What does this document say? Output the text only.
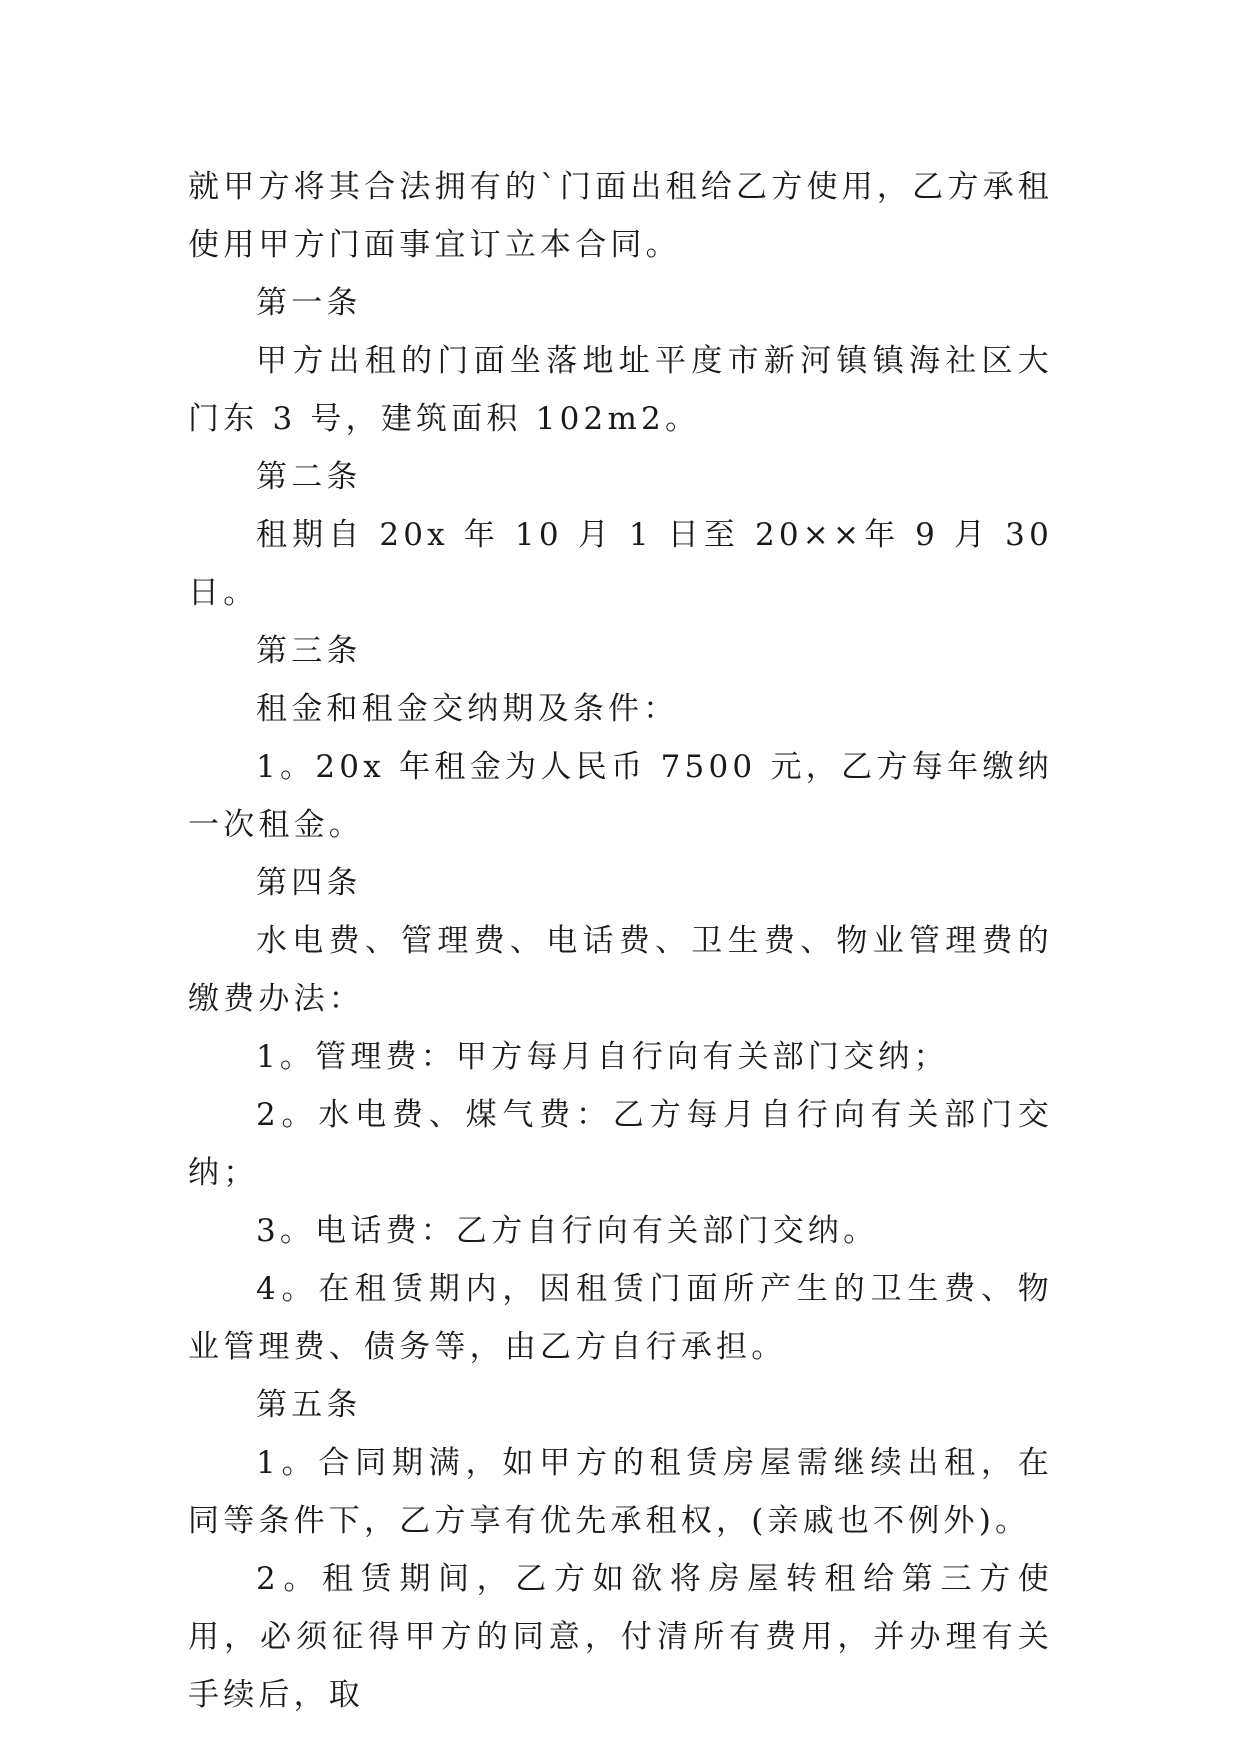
就甲方将其合法拥有的`门面出租给乙方使用，乙方承租使用甲方门面事宜订立本合同。

第一条

甲方出租的门面坐落地址平度市新河镇镇海社区大门东 3 号，建筑面积 102m2。

第二条

租期自 20x 年 10 月 1 日至 20××年 9 月 30 日。

第三条

租金和租金交纳期及条件：

1。20x 年租金为人民币 7500 元，乙方每年缴纳一次租金。

第四条

水电费、管理费、电话费、卫生费、物业管理费的缴费办法：

1。管理费：甲方每月自行向有关部门交纳；

2。水电费、煤气费：乙方每月自行向有关部门交纳；

3。电话费：乙方自行向有关部门交纳。

4。在租赁期内，因租赁门面所产生的卫生费、物业管理费、债务等，由乙方自行承担。

第五条

1。合同期满，如甲方的租赁房屋需继续出租，在同等条件下，乙方享有优先承租权，(亲戚也不例外)。

2。租赁期间，乙方如欲将房屋转租给第三方使用，必须征得甲方的同意，付清所有费用，并办理有关手续后，取
